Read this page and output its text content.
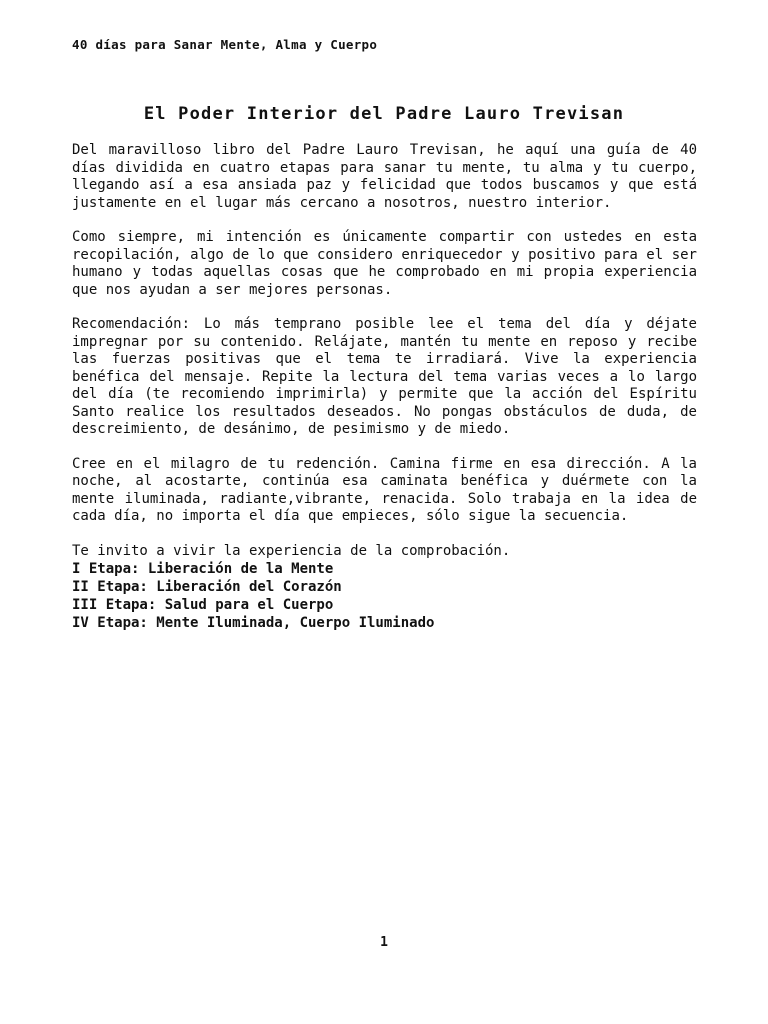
40 días para Sanar Mente, Alma y Cuerpo
El Poder Interior del Padre Lauro Trevisan

Del maravilloso libro del Padre Lauro Trevisan, he aquí una guía de 40 días dividida en cuatro etapas para sanar tu mente, tu alma y tu cuerpo, llegando así a esa ansiada paz y felicidad que todos buscamos y que está justamente en el lugar más cercano a nosotros, nuestro interior.

Como siempre, mi intención es únicamente compartir con ustedes en esta recopilación, algo de lo que considero enriquecedor y positivo para el ser humano y todas aquellas cosas que he comprobado en mi propia experiencia que nos ayudan a ser mejores personas.

Recomendación: Lo más temprano posible lee el tema del día y déjate impregnar por su contenido. Relájate, mantén tu mente en reposo y recibe las fuerzas positivas que el tema te irradiará. Vive la experiencia benéfica del mensaje. Repite la lectura del tema varias veces a lo largo del día (te recomiendo imprimirla) y permite que la acción del Espíritu Santo realice los resultados deseados. No pongas obstáculos de duda, de descreimiento, de desánimo, de pesimismo y de miedo.

Cree en el milagro de tu redención. Camina firme en esa dirección. A la noche, al acostarte, continúa esa caminata benéfica y duérmete con la mente iluminada, radiante,vibrante, renacida. Solo trabaja en la idea de cada día, no importa el día que empieces, sólo sigue la secuencia.

Te invito a vivir la experiencia de la comprobación.

I Etapa: Liberación de la Mente
II Etapa: Liberación del Corazón
III Etapa: Salud para el Cuerpo
IV Etapa: Mente Iluminada, Cuerpo Iluminado
1
